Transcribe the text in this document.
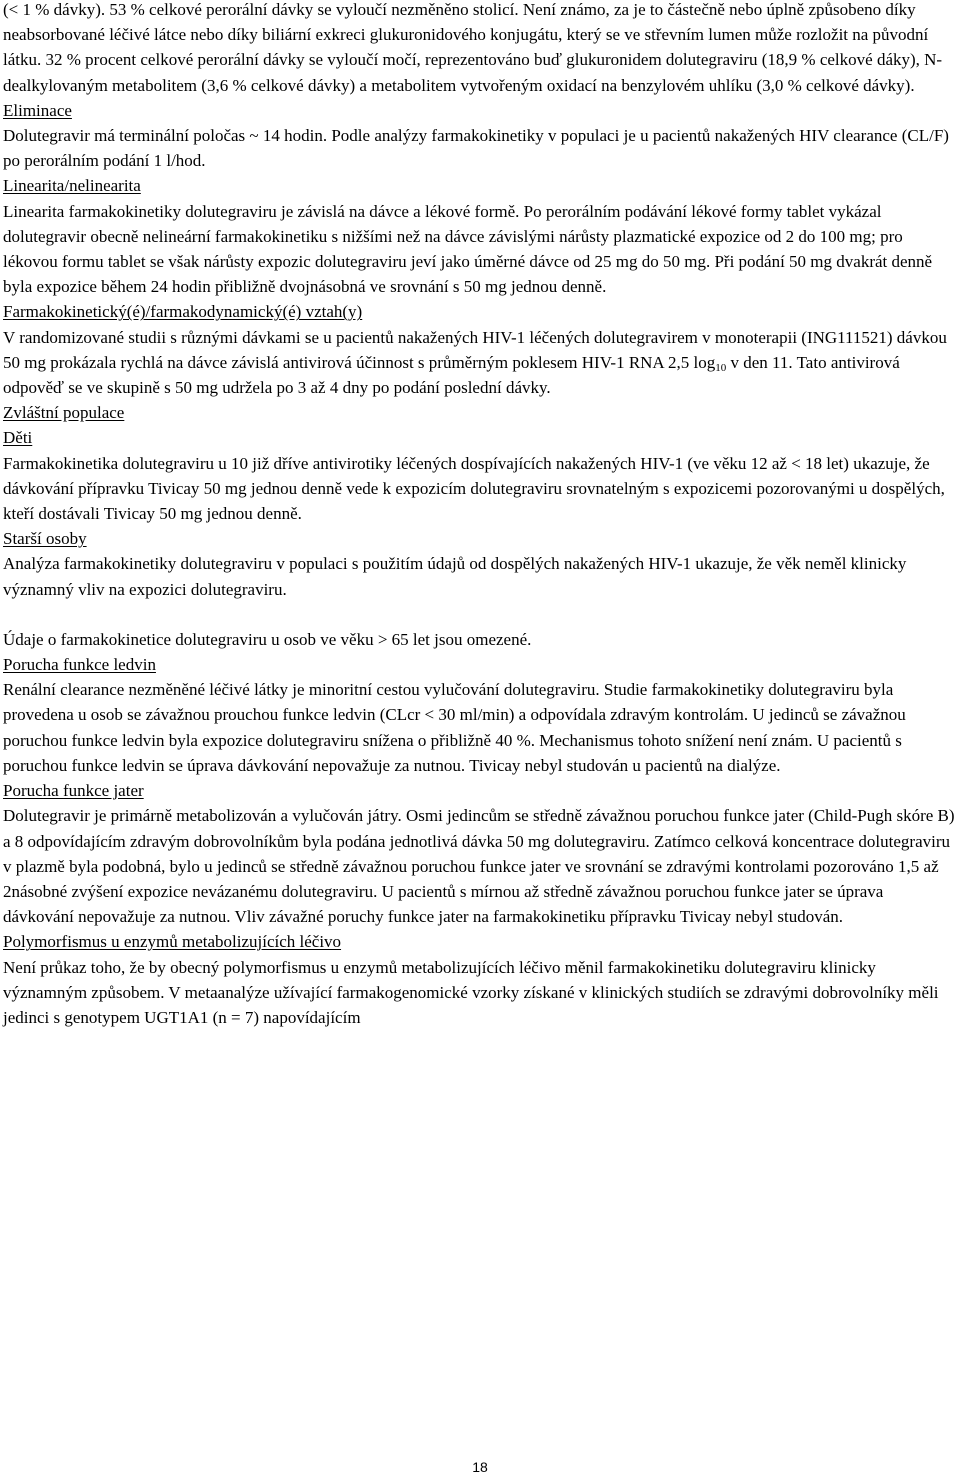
(< 1 % dávky). 53 % celkové perorální dávky se vyloučí nezměněno stolicí. Není známo, za je to částečně nebo úplně způsobeno díky neabsorbované léčivé látce nebo díky biliární exkreci glukuronidového konjugátu, který se ve střevním lumen může rozložit na původní látku. 32 % procent celkové perorální dávky se vyloučí močí, reprezentováno buď glukuronidem dolutegraviru (18,9 % celkové dáky), N-dealkylovaným metabolitem (3,6 % celkové dávky) a metabolitem vytvořeným oxidací na benzylovém uhlíku (3,0 % celkové dávky).

Eliminace

Dolutegravir má terminální poločas ~ 14 hodin. Podle analýzy farmakokinetiky v populaci je u pacientů nakažených HIV clearance (CL/F) po perorálním podání 1 l/hod.

Linearita/nelinearita

Linearita farmakokinetiky dolutegraviru je závislá na dávce a lékové formě. Po perorálním podávání lékové formy tablet vykázal dolutegravir obecně nelineární farmakokinetiku s nižšími než na dávce závislými nárůsty plazmatické expozice od 2 do 100 mg; pro lékovou formu tablet se však nárůsty expozic dolutegraviru jeví jako úměrné dávce od 25 mg do 50 mg. Při podání 50 mg dvakrát denně byla expozice během 24 hodin přibližně dvojnásobná ve srovnání s 50 mg jednou denně.

Farmakokinetický(é)/farmakodynamický(é) vztah(y)

V randomizované studii s různými dávkami se u pacientů nakažených HIV-1 léčených dolutegravirem v monoterapii (ING111521) dávkou 50 mg prokázala rychlá na dávce závislá antivirová účinnost s průměrným poklesem HIV-1 RNA 2,5 $\log_{10} v$ den 11. Tato antivirová odpověď se ve skupině s 50 mg udržela po 3 až 4 dny po podání poslední dávky.

Zvláštní populace

Děti

Farmakokinetika dolutegraviru u 10 již dříve antivirotiky léčených dospívajících nakažených HIV-1 (ve věku 12 až < 18 let) ukazuje, že dávkování přípravku Tivicay 50 mg jednou denně vede k expozicím dolutegraviru srovnatelným s expozicemi pozorovanými u dospělých, kteří dostávali Tivicay 50 mg jednou denně.

Starší osoby

Analýza farmakokinetiky dolutegraviru v populaci s použitím údajů od dospělých nakažených HIV-1 ukazuje, že věk neměl klinicky významný vliv na expozici dolutegraviru.

Údaje o farmakokinetice dolutegraviru u osob ve věku > 65 let jsou omezené.

Porucha funkce ledvin

Renální clearance nezměněné léčivé látky je minoritní cestou vylučování dolutegraviru. Studie farmakokinetiky dolutegraviru byla provedena u osob se závažnou prouchou funkce ledvin (CLcr < 30 ml/min) a odpovídala zdravým kontrolám. U jedinců se závažnou poruchou funkce ledvin byla expozice dolutegraviru snížena o přibližně 40 %. Mechanismus tohoto snížení není znám. U pacientů s poruchou funkce ledvin se úprava dávkování nepovažuje za nutnou. Tivicay nebyl studován u pacientů na dialýze.

Porucha funkce jater

Dolutegravir je primárně metabolizován a vylučován játry. Osmi jedincům se středně závažnou poruchou funkce jater (Child-Pugh skóre B) a 8 odpovídajícím zdravým dobrovolníkům byla podána jednotlivá dávka 50 mg dolutegraviru. Zatímco celková koncentrace dolutegraviru v plazmě byla podobná, bylo u jedinců se středně závažnou poruchou funkce jater ve srovnání se zdravými kontrolami pozorováno 1,5 až 2násobné zvýšení expozice nevázanému dolutegraviru. U pacientů s mírnou až středně závažnou poruchou funkce jater se úprava dávkování nepovažuje za nutnou. Vliv závažné poruchy funkce jater na farmakokinetiku přípravku Tivicay nebyl studován.

Polymorfismus u enzymů metabolizujících léčivo

Není průkaz toho, že by obecný polymorfismus u enzymů metabolizujících léčivo měnil farmakokinetiku dolutegraviru klinicky významným způsobem. V metaanalýze užívající farmakogenomické vzorky získané v klinických studiích se zdravými dobrovolníky měli jedinci s genotypem UGT1A1 (n = 7) napovídajícím

18
